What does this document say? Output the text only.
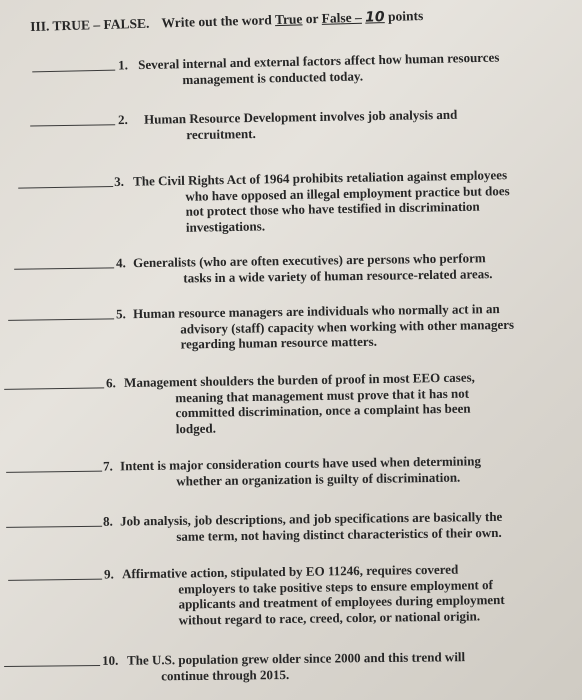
III. TRUE – FALSE. Write out the word True or False – 10 points
1. Several internal and external factors affect how human resources
management is conducted today.
2.	Human Resource Development involves job analysis and
recruitment.
3. The Civil Rights Act of 1964 prohibits retaliation against employees
who have opposed an illegal employment practice but does
not protect those who have testified in discrimination
investigations.
4. Generalists (who are often executives) are persons who perform
tasks in a wide variety of human resource-related areas.
5. Human resource managers are individuals who normally act in an
advisory (staff) capacity when working with other managers
regarding human resource matters.
6. Management shoulders the burden of proof in most EEO cases,
meaning that management must prove that it has not
committed discrimination, once a complaint has been
lodged.
7. Intent is major consideration courts have used when determining
whether an organization is guilty of discrimination.
8. Job analysis, job descriptions, and job specifications are basically the
same term, not having distinct characteristics of their own.
9. Affirmative action, stipulated by EO 11246, requires covered
employers to take positive steps to ensure employment of
applicants and treatment of employees during employment
without regard to race, creed, color, or national origin.
10. The U.S. population grew older since 2000 and this trend will
continue through 2015.
